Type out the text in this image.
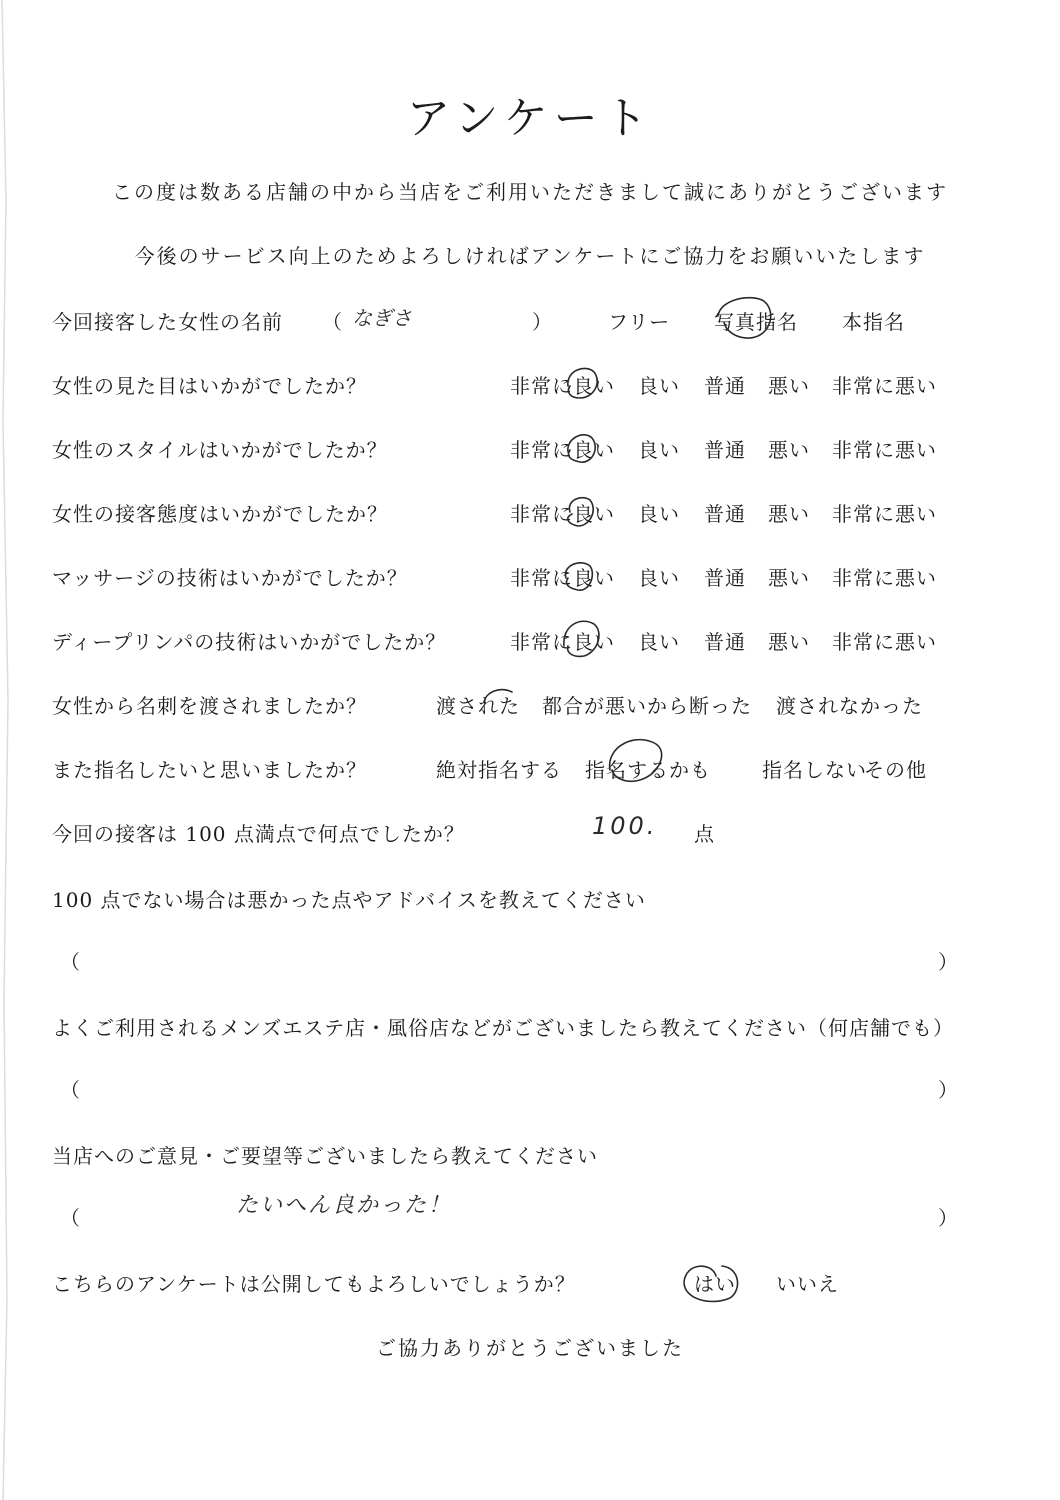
アンケート
この度は数ある店舗の中から当店をご利用いただきまして誠にありがとうございます
今後のサービス向上のためよろしければアンケートにご協力をお願いいたします
今回接客した女性の名前 （ なぎさ	）	フリー 写真指名 本指名
女性の見た目はいかがでしたか？	非常に良い 良い 普通 悪い 非常に悪い
女性のスタイルはいかがでしたか？	非常に良い 良い 普通 悪い 非常に悪い
女性の接客態度はいかがでしたか？	非常に良い 良い 普通 悪い 非常に悪い
マッサージの技術はいかがでしたか？	非常に良い 良い 普通 悪い 非常に悪い
ディープリンパの技術はいかがでしたか？	非常に良い 良い 普通 悪い 非常に悪い
女性から名刺を渡されましたか？	渡された 都合が悪いから断った 渡されなかった
また指名したいと思いましたか？	絶対指名する 指名するかも	指名しない
その他
今回の接客は 100 点満点で何点でしたか？	100. 点
100 点でない場合は悪かった点やアドバイスを教えてください
（	）
よくご利用されるメンズエステ店・風俗店などがございましたら教えてください（何店舗でも）
（	）
当店へのご意見・ご要望等ございましたら教えてください
（	たいへん良かった！	）
こちらのアンケートは公開してもよろしいでしょうか？	はい いいえ
ご協力ありがとうございました
